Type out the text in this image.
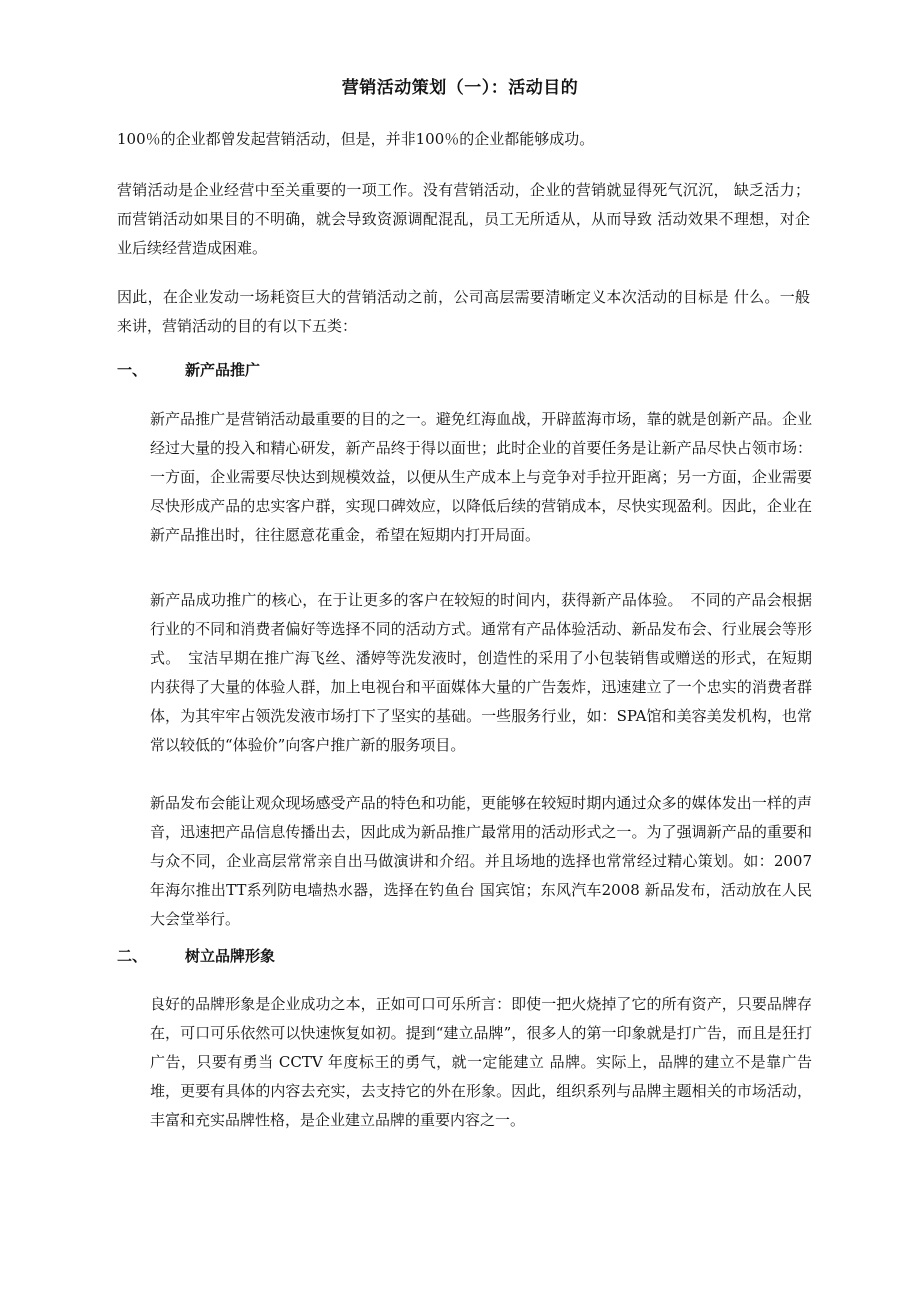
营销活动策划（一）：活动目的

100％的企业都曾发起营销活动，但是，并非100％的企业都能够成功。

营销活动是企业经营中至关重要的一项工作。没有营销活动，企业的营销就显得死气沉沉， 缺乏活力；而营销活动如果目的不明确，就会导致资源调配混乱，员工无所适从，从而导致 活动效果不理想，对企业后续经营造成困难。

因此，在企业发动一场耗资巨大的营销活动之前，公司高层需要清晰定义本次活动的目标是 什么。一般来讲，营销活动的目的有以下五类：

一、	新产品推广

新产品推广是营销活动最重要的目的之一。避免红海血战，开辟蓝海市场，靠的就是创新产品。企业经过大量的投入和精心研发，新产品终于得以面世；此时企业的首要任务是让新产品尽快占领市场：一方面，企业需要尽快达到规模效益，以便从生产成本上与竞争对手拉开距离；另一方面，企业需要尽快形成产品的忠实客户群，实现口碑效应，以降低后续的营销成本，尽快实现盈利。因此，企业在新产品推出时，往往愿意花重金，希望在短期内打开局面。

新产品成功推广的核心，在于让更多的客户在较短的时间内，获得新产品体验。　不同的产品会根据行业的不同和消费者偏好等选择不同的活动方式。通常有产品体验活动、新品发布会、行业展会等形式。　宝洁早期在推广海飞丝、潘婷等洗发液时，创造性的采用了小包装销售或赠送的形式，在短期内获得了大量的体验人群，加上电视台和平面媒体大量的广告轰炸，迅速建立了一个忠实的消费者群体，为其牢牢占领洗发液市场打下了坚实的基础。一些服务行业，如：SPA馆和美容美发机构，也常常以较低的“体验价”向客户推广新的服务项目。

新品发布会能让观众现场感受产品的特色和功能，更能够在较短时期内通过众多的媒体发出一样的声音，迅速把产品信息传播出去，因此成为新品推广最常用的活动形式之一。为了强调新产品的重要和与众不同，企业高层常常亲自出马做演讲和介绍。并且场地的选择也常常经过精心策划。如：2007年海尔推出TT系列防电墙热水器，选择在钓鱼台 国宾馆；东风汽车2008 新品发布，活动放在人民大会堂举行。

二、	树立品牌形象

良好的品牌形象是企业成功之本，正如可口可乐所言：即使一把火烧掉了它的所有资产，只要品牌存在，可口可乐依然可以快速恢复如初。提到“建立品牌”，很多人的第一印象就是打广告，而且是狂打广告，只要有勇当 CCTV 年度标王的勇气，就一定能建立 品牌。实际上，品牌的建立不是靠广告堆，更要有具体的内容去充实，去支持它的外在形象。因此，组织系列与品牌主题相关的市场活动，丰富和充实品牌性格，是企业建立品牌的重要内容之一。
